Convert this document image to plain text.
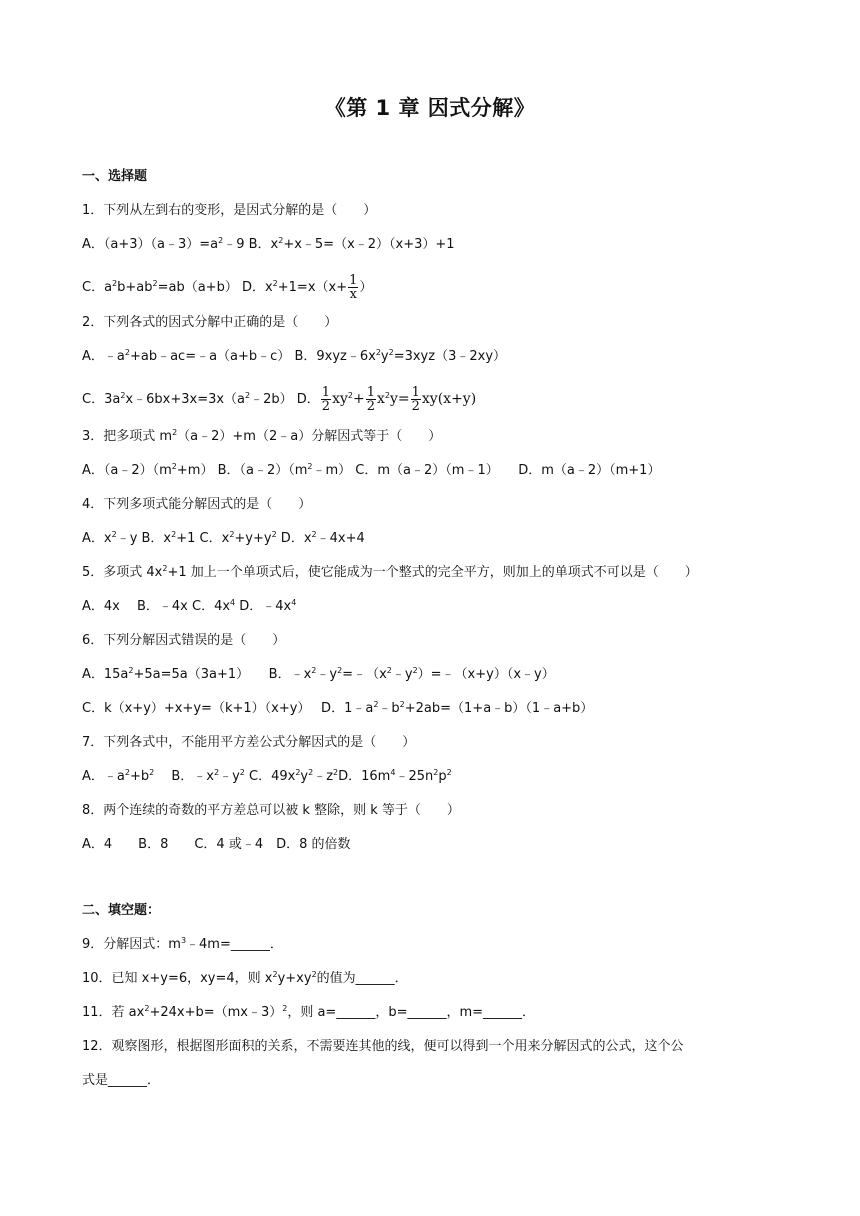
《第 1 章 因式分解》
一、选择题
1．下列从左到右的变形，是因式分解的是（　　）
A．$(a+3)(a﹣3)=a^2﹣9$ B．$x^2+x﹣5=(x﹣2)(x+3)+1$
C．$a^2b+ab^2=ab(a+b)$ D．$x^2+1=x(x+ \frac{1}{x}$ ）
2．下列各式的因式分解中正确的是（　　）
A．$﹣a^2+ab﹣ac=﹣a(a+b﹣c)$ B．$9xyz﹣6x^2y^2=3xyz(3﹣2xy)$
C．$3a^2x﹣6bx+3x=3x(a^2﹣2b)$ D． $\frac{1}{2} xy^2+ \frac{1}{2} x^2y= \frac{1}{2} xy(x+y)$
3．把多项式 $m^2(a﹣2)+m(2﹣a)$分解因式等于（　　）
A．$(a﹣2)(m^2+m)$ B．$(a﹣2)(m^2﹣m)$ C．m（a﹣2）（m﹣1）　　D．m（a﹣2）（m+1）
4．下列多项式能分解因式的是（　　）
A．$x^2﹣y$ B．$x^2+1$ C．$x^2+y+y^2$ D．$x^2﹣4x+4$
5．多项式 $4x^2+1$ 加上一个单项式后，使它能成为一个整式的完全平方，则加上的单项式不可以是（　　）
A．4x　 B．﹣4x C．$4x^4$ D．$﹣4x^4$
6．下列分解因式错误的是（　　）
A．$15a^2+5a=5a(3a+1)$　　B．$﹣x^2﹣y^2=﹣(x^2﹣y^2)=﹣(x+y)(x﹣y)$
C．k（x+y）+x+y=（k+1）（x+y）　 D．$1﹣a^2﹣b^2+2ab=(1+a﹣b)(1﹣a+b)$
7．下列各式中，不能用平方差公式分解因式的是（　　）
A．$﹣a^2+b^2$　 B．$﹣x^2﹣y^2$ C．$49x^2y^2﹣z^2D$．$16m^4﹣25n^2p^2$
8．两个连续的奇数的平方差总可以被 k 整除，则 k 等于（　　）
A．4　　B．8　　C．4 或﹣4　D．8 的倍数
二、填空题：
9．分解因式：$m^3﹣4m=\_\_\_\_\_\_$．
10．已知 x+y=6，xy=4，则 $x^2y+xy^2$的值为______．
11．若 $ax^2+24x+b=(mx﹣3)^2$，则 a=______，b=______，m=______．
12．观察图形，根据图形面积的关系，不需要连其他的线，便可以得到一个用来分解因式的公式，这个公
式是______．
